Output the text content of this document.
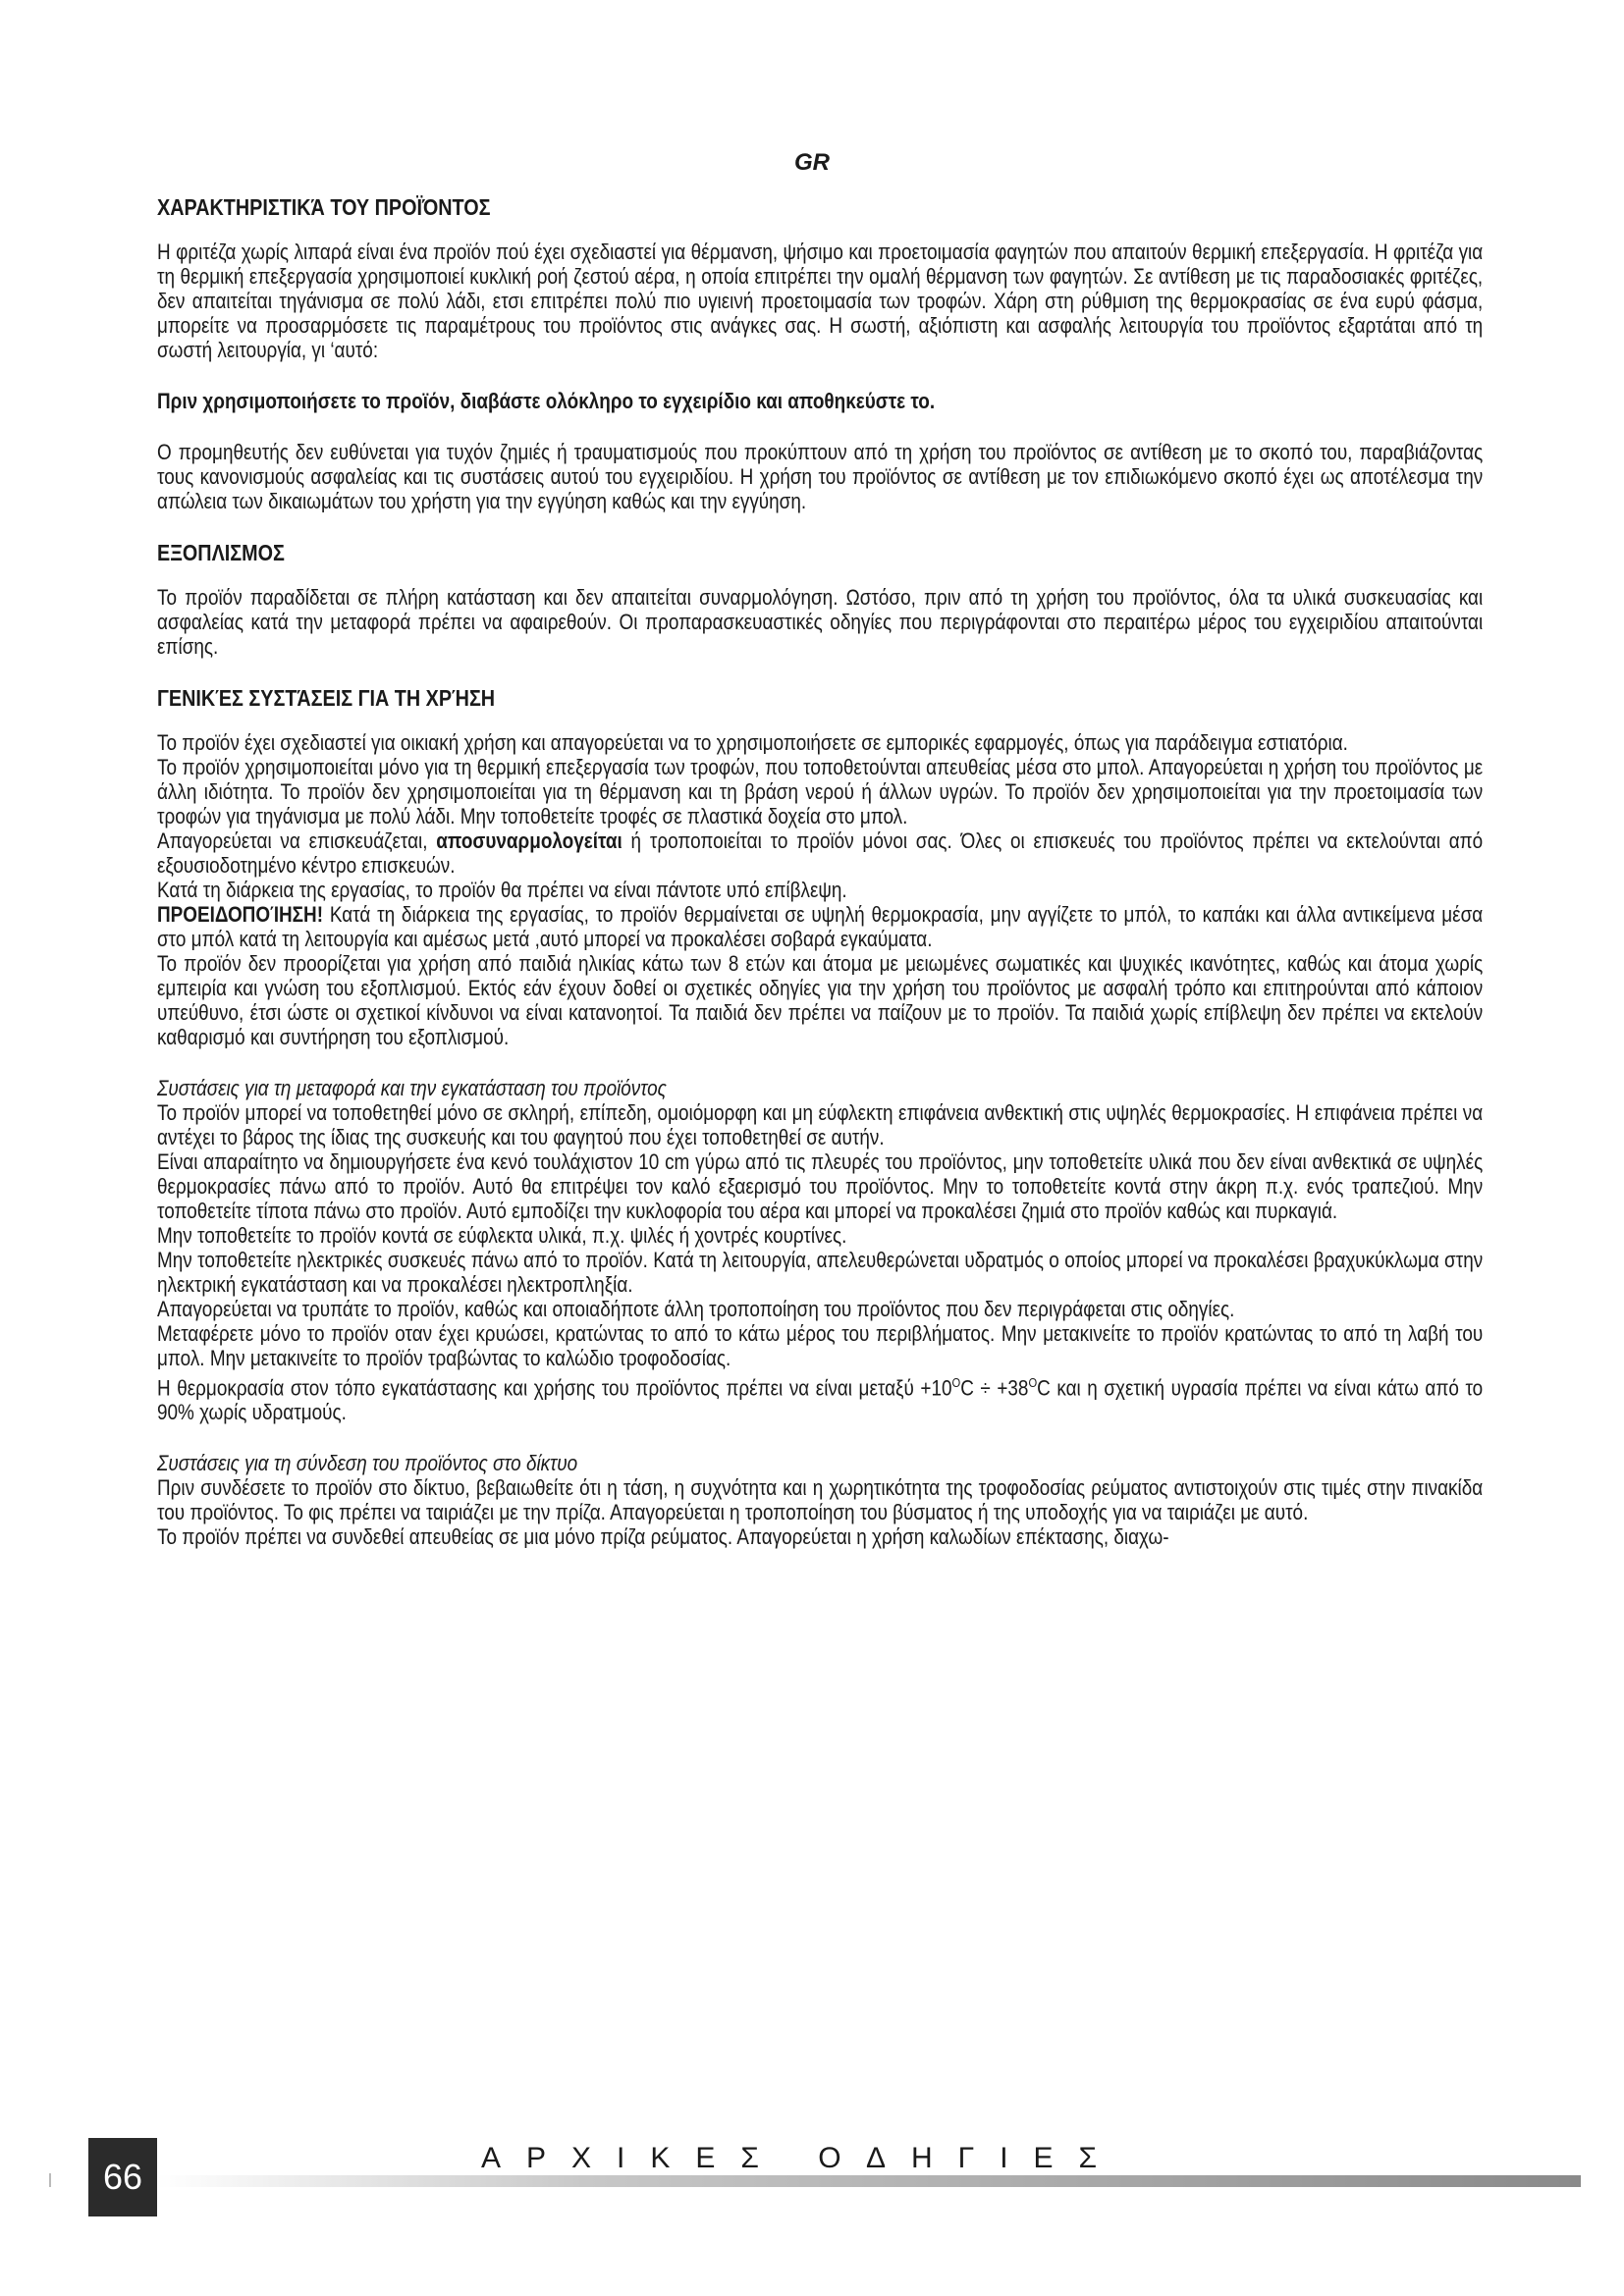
GR
ΧΑΡΑΚΤΗΡΙΣΤΙΚΆ ΤΟΥ ΠΡΟΪΌΝΤΟΣ

Η φριτέζα χωρίς λιπαρά είναι ένα προϊόν πού έχει σχεδιαστεί για θέρμανση, ψήσιμο και προετοιμασία φαγητών που απαιτούν θερμική επεξεργασία. Η φριτέζα για τη θερμική επεξεργασία χρησιμοποιεί κυκλική ροή ζεστού αέρα, η οποία επιτρέπει την ομαλή θέρμανση των φαγητών. Σε αντίθεση με τις παραδοσιακές φριτέζες, δεν απαιτείται τηγάνισμα σε πολύ λάδι, ετσι επιτρέπει πολύ πιο υγιεινή προετοιμασία των τροφών. Χάρη στη ρύθμιση της θερμοκρασίας σε ένα ευρύ φάσμα, μπορείτε να προσαρμόσετε τις παραμέτρους του προϊόντος στις ανάγκες σας. Η σωστή, αξιόπιστη και ασφαλής λειτουργία του προϊόντος εξαρτάται από τη σωστή λειτουργία, γι ‘αυτό:

Πριν χρησιμοποιήσετε το προϊόν, διαβάστε ολόκληρο το εγχειρίδιο και αποθηκεύστε το.

Ο προμηθευτής δεν ευθύνεται για τυχόν ζημιές ή τραυματισμούς που προκύπτουν από τη χρήση του προϊόντος σε αντίθεση με το σκοπό του, παραβιάζοντας τους κανονισμούς ασφαλείας και τις συστάσεις αυτού του εγχειριδίου. Η χρήση του προϊόντος σε αντίθεση με τον επιδιωκόμενο σκοπό έχει ως αποτέλεσμα την απώλεια των δικαιωμάτων του χρήστη για την εγγύηση καθώς και την εγγύηση.

ΕΞΟΠΛΙΣΜΟΣ

Το προϊόν παραδίδεται σε πλήρη κατάσταση και δεν απαιτείται συναρμολόγηση. Ωστόσο, πριν από τη χρήση του προϊόντος, όλα τα υλικά συσκευασίας και ασφαλείας κατά την μεταφορά πρέπει να αφαιρεθούν. Οι προπαρασκευαστικές οδηγίες που περιγράφονται στο περαιτέρω μέρος του εγχειριδίου απαιτούνται επίσης.

ΓΕΝΙΚΈΣ ΣΥΣΤΆΣΕΙΣ ΓΙΑ ΤΗ ΧΡΉΣΗ

Το προϊόν έχει σχεδιαστεί για οικιακή χρήση και απαγορεύεται να το χρησιμοποιήσετε σε εμπορικές εφαρμογές, όπως για παράδειγμα εστιατόρια.

Το προϊόν χρησιμοποιείται μόνο για τη θερμική επεξεργασία των τροφών, που τοποθετούνται απευθείας μέσα στο μπολ. Απαγορεύεται η χρήση του προϊόντος με άλλη ιδιότητα. Το προϊόν δεν χρησιμοποιείται για τη θέρμανση και τη βράση νερού ή άλλων υγρών. Το προϊόν δεν χρησιμοποιείται για την προετοιμασία των τροφών για τηγάνισμα με πολύ λάδι. Μην τοποθετείτε τροφές σε πλαστικά δοχεία στο μπολ.

Απαγορεύεται να επισκευάζεται, αποσυναρμολογείται ή τροποποιείται το προϊόν μόνοι σας. Όλες οι επισκευές του προϊόντος πρέπει να εκτελούνται από εξουσιοδοτημένο κέντρο επισκευών.

Κατά τη διάρκεια της εργασίας, το προϊόν θα πρέπει να είναι πάντοτε υπό επίβλεψη.

ΠΡΟΕΙΔΟΠΟΊΗΣΗ! Κατά τη διάρκεια της εργασίας, το προϊόν θερμαίνεται σε υψηλή θερμοκρασία, μην αγγίζετε το μπόλ, το καπάκι και άλλα αντικείμενα μέσα στο μπόλ κατά τη λειτουργία και αμέσως μετά ,αυτό μπορεί να προκαλέσει σοβαρά εγκαύματα.

Το προϊόν δεν προορίζεται για χρήση από παιδιά ηλικίας κάτω των 8 ετών και άτομα με μειωμένες σωματικές και ψυχικές ικανότητες, καθώς και άτομα χωρίς εμπειρία και γνώση του εξοπλισμού. Εκτός εάν έχουν δοθεί οι σχετικές οδηγίες για την χρήση του προϊόντος με ασφαλή τρόπο και επιτηρούνται από κάποιον υπεύθυνο, έτσι ώστε οι σχετικοί κίνδυνοι να είναι κατανοητοί. Τα παιδιά δεν πρέπει να παίζουν με το προϊόν. Τα παιδιά χωρίς επίβλεψη δεν πρέπει να εκτελούν καθαρισμό και συντήρηση του εξοπλισμού.

Συστάσεις για τη μεταφορά και την εγκατάσταση του προϊόντος

Το προϊόν μπορεί να τοποθετηθεί μόνο σε σκληρή, επίπεδη, ομοιόμορφη και μη εύφλεκτη επιφάνεια ανθεκτική στις υψηλές θερμοκρασίες. Η επιφάνεια πρέπει να αντέχει το βάρος της ίδιας της συσκευής και του φαγητού που έχει τοποθετηθεί σε αυτήν.

Είναι απαραίτητο να δημιουργήσετε ένα κενό τουλάχιστον 10 cm γύρω από τις πλευρές του προϊόντος, μην τοποθετείτε υλικά που δεν είναι ανθεκτικά σε υψηλές θερμοκρασίες πάνω από το προϊόν. Αυτό θα επιτρέψει τον καλό εξαερισμό του προϊόντος. Μην το τοποθετείτε κοντά στην άκρη π.χ. ενός τραπεζιού. Μην τοποθετείτε τίποτα πάνω στο προϊόν. Αυτό εμποδίζει την κυκλοφορία του αέρα και μπορεί να προκαλέσει ζημιά στο προϊόν καθώς και πυρκαγιά.

Μην τοποθετείτε το προϊόν κοντά σε εύφλεκτα υλικά, π.χ. ψιλές ή χοντρές κουρτίνες.

Μην τοποθετείτε ηλεκτρικές συσκευές πάνω από το προϊόν. Κατά τη λειτουργία, απελευθερώνεται υδρατμός ο οποίος μπορεί να προκαλέσει βραχυκύκλωμα στην ηλεκτρική εγκατάσταση και να προκαλέσει ηλεκτροπληξία.

Απαγορεύεται να τρυπάτε το προϊόν, καθώς και οποιαδήποτε άλλη τροποποίηση του προϊόντος που δεν περιγράφεται στις οδηγίες.

Μεταφέρετε μόνο το προϊόν οταν έχει κρυώσει, κρατώντας το από το κάτω μέρος του περιβλήματος. Μην μετακινείτε το προϊόν κρατώντας το από τη λαβή του μπολ. Μην μετακινείτε το προϊόν τραβώντας το καλώδιο τροφοδοσίας.

Η θερμοκρασία στον τόπο εγκατάστασης και χρήσης του προϊόντος πρέπει να είναι $\mu\varepsilon\tau\alpha\xi ύ +10^OC \div +38^OC$ και η σχετική υγρασία πρέπει να είναι κάτω από το 90% χωρίς υδρατμούς.

Συστάσεις για τη σύνδεση του προϊόντος στο δίκτυο

Πριν συνδέσετε το προϊόν στο δίκτυο, βεβαιωθείτε ότι η τάση, η συχνότητα και η χωρητικότητα της τροφοδοσίας ρεύματος αντιστοιχούν στις τιμές στην πινακίδα του προϊόντος. Το φις πρέπει να ταιριάζει με την πρίζα. Απαγορεύεται η τροποποίηση του βύσματος ή της υποδοχής για να ταιριάζει με αυτό.

Το προϊόν πρέπει να συνδεθεί απευθείας σε μια μόνο πρίζα ρεύματος. Απαγορεύεται η χρήση καλωδίων επέκτασης, διαχω-

66	ΑΡΧΙΚΕΣ ΟΔΗΓΙΕΣ
